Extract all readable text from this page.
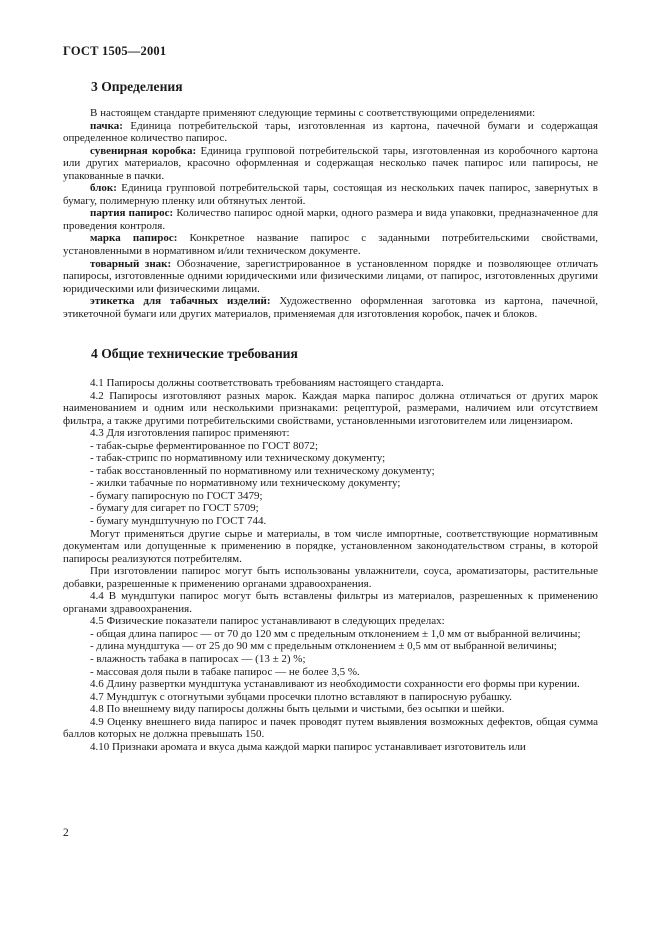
ГОСТ 1505—2001
3 Определения

В настоящем стандарте применяют следующие термины с соответствующими определениями:

пачка: Единица потребительской тары, изготовленная из картона, пачечной бумаги и содержащая определенное количество папирос.

сувенирная коробка: Единица групповой потребительской тары, изготовленная из коробочного картона или других материалов, красочно оформленная и содержащая несколько пачек папирос или папиросы, не упакованные в пачки.

блок: Единица групповой потребительской тары, состоящая из нескольких пачек папирос, завернутых в бумагу, полимерную пленку или обтянутых лентой.

партия папирос: Количество папирос одной марки, одного размера и вида упаковки, предназначенное для проведения контроля.

марка папирос: Конкретное название папирос с заданными потребительскими свойствами, установленными в нормативном и/или техническом документе.

товарный знак: Обозначение, зарегистрированное в установленном порядке и позволяющее отличать папиросы, изготовленные одними юридическими или физическими лицами, от папирос, изготовленных другими юридическими или физическими лицами.

этикетка для табачных изделий: Художественно оформленная заготовка из картона, пачечной, этикеточной бумаги или других материалов, применяемая для изготовления коробок, пачек и блоков.

4 Общие технические требования

4.1 Папиросы должны соответствовать требованиям настоящего стандарта.

4.2 Папиросы изготовляют разных марок. Каждая марка папирос должна отличаться от других марок наименованием и одним или несколькими признаками: рецептурой, размерами, наличием или отсутствием фильтра, а также другими потребительскими свойствами, установленными изготовителем или лицензиаром.

4.3 Для изготовления папирос применяют:

- табак-сырье ферментированное по ГОСТ 8072;

- табак-стрипс по нормативному или техническому документу;

- табак восстановленный по нормативному или техническому документу;

- жилки табачные по нормативному или техническому документу;

- бумагу папиросную по ГОСТ 3479;

- бумагу для сигарет по ГОСТ 5709;

- бумагу мундштучную по ГОСТ 744.

Могут применяться другие сырье и материалы, в том числе импортные, соответствующие нормативным документам или допущенные к применению в порядке, установленном законодательством страны, в которой папиросы реализуются потребителям.

При изготовлении папирос могут быть использованы увлажнители, соуса, ароматизаторы, растительные добавки, разрешенные к применению органами здравоохранения.

4.4 В мундштуки папирос могут быть вставлены фильтры из материалов, разрешенных к применению органами здравоохранения.

4.5 Физические показатели папирос устанавливают в следующих пределах:

- общая длина папирос — от 70 до 120 мм с предельным отклонением ± 1,0 мм от выбранной величины;

- длина мундштука — от 25 до 90 мм с предельным отклонением ± 0,5 мм от выбранной величины;

- влажность табака в папиросах — (13 ± 2) %;

- массовая доля пыли в табаке папирос — не более 3,5 %.

4.6 Длину развертки мундштука устанавливают из необходимости сохранности его формы при курении.

4.7 Мундштук с отогнутыми зубцами просечки плотно вставляют в папиросную рубашку.

4.8 По внешнему виду папиросы должны быть целыми и чистыми, без осыпки и шейки.

4.9 Оценку внешнего вида папирос и пачек проводят путем выявления возможных дефектов, общая сумма баллов которых не должна превышать 150.

4.10 Признаки аромата и вкуса дыма каждой марки папирос устанавливает изготовитель или

2
